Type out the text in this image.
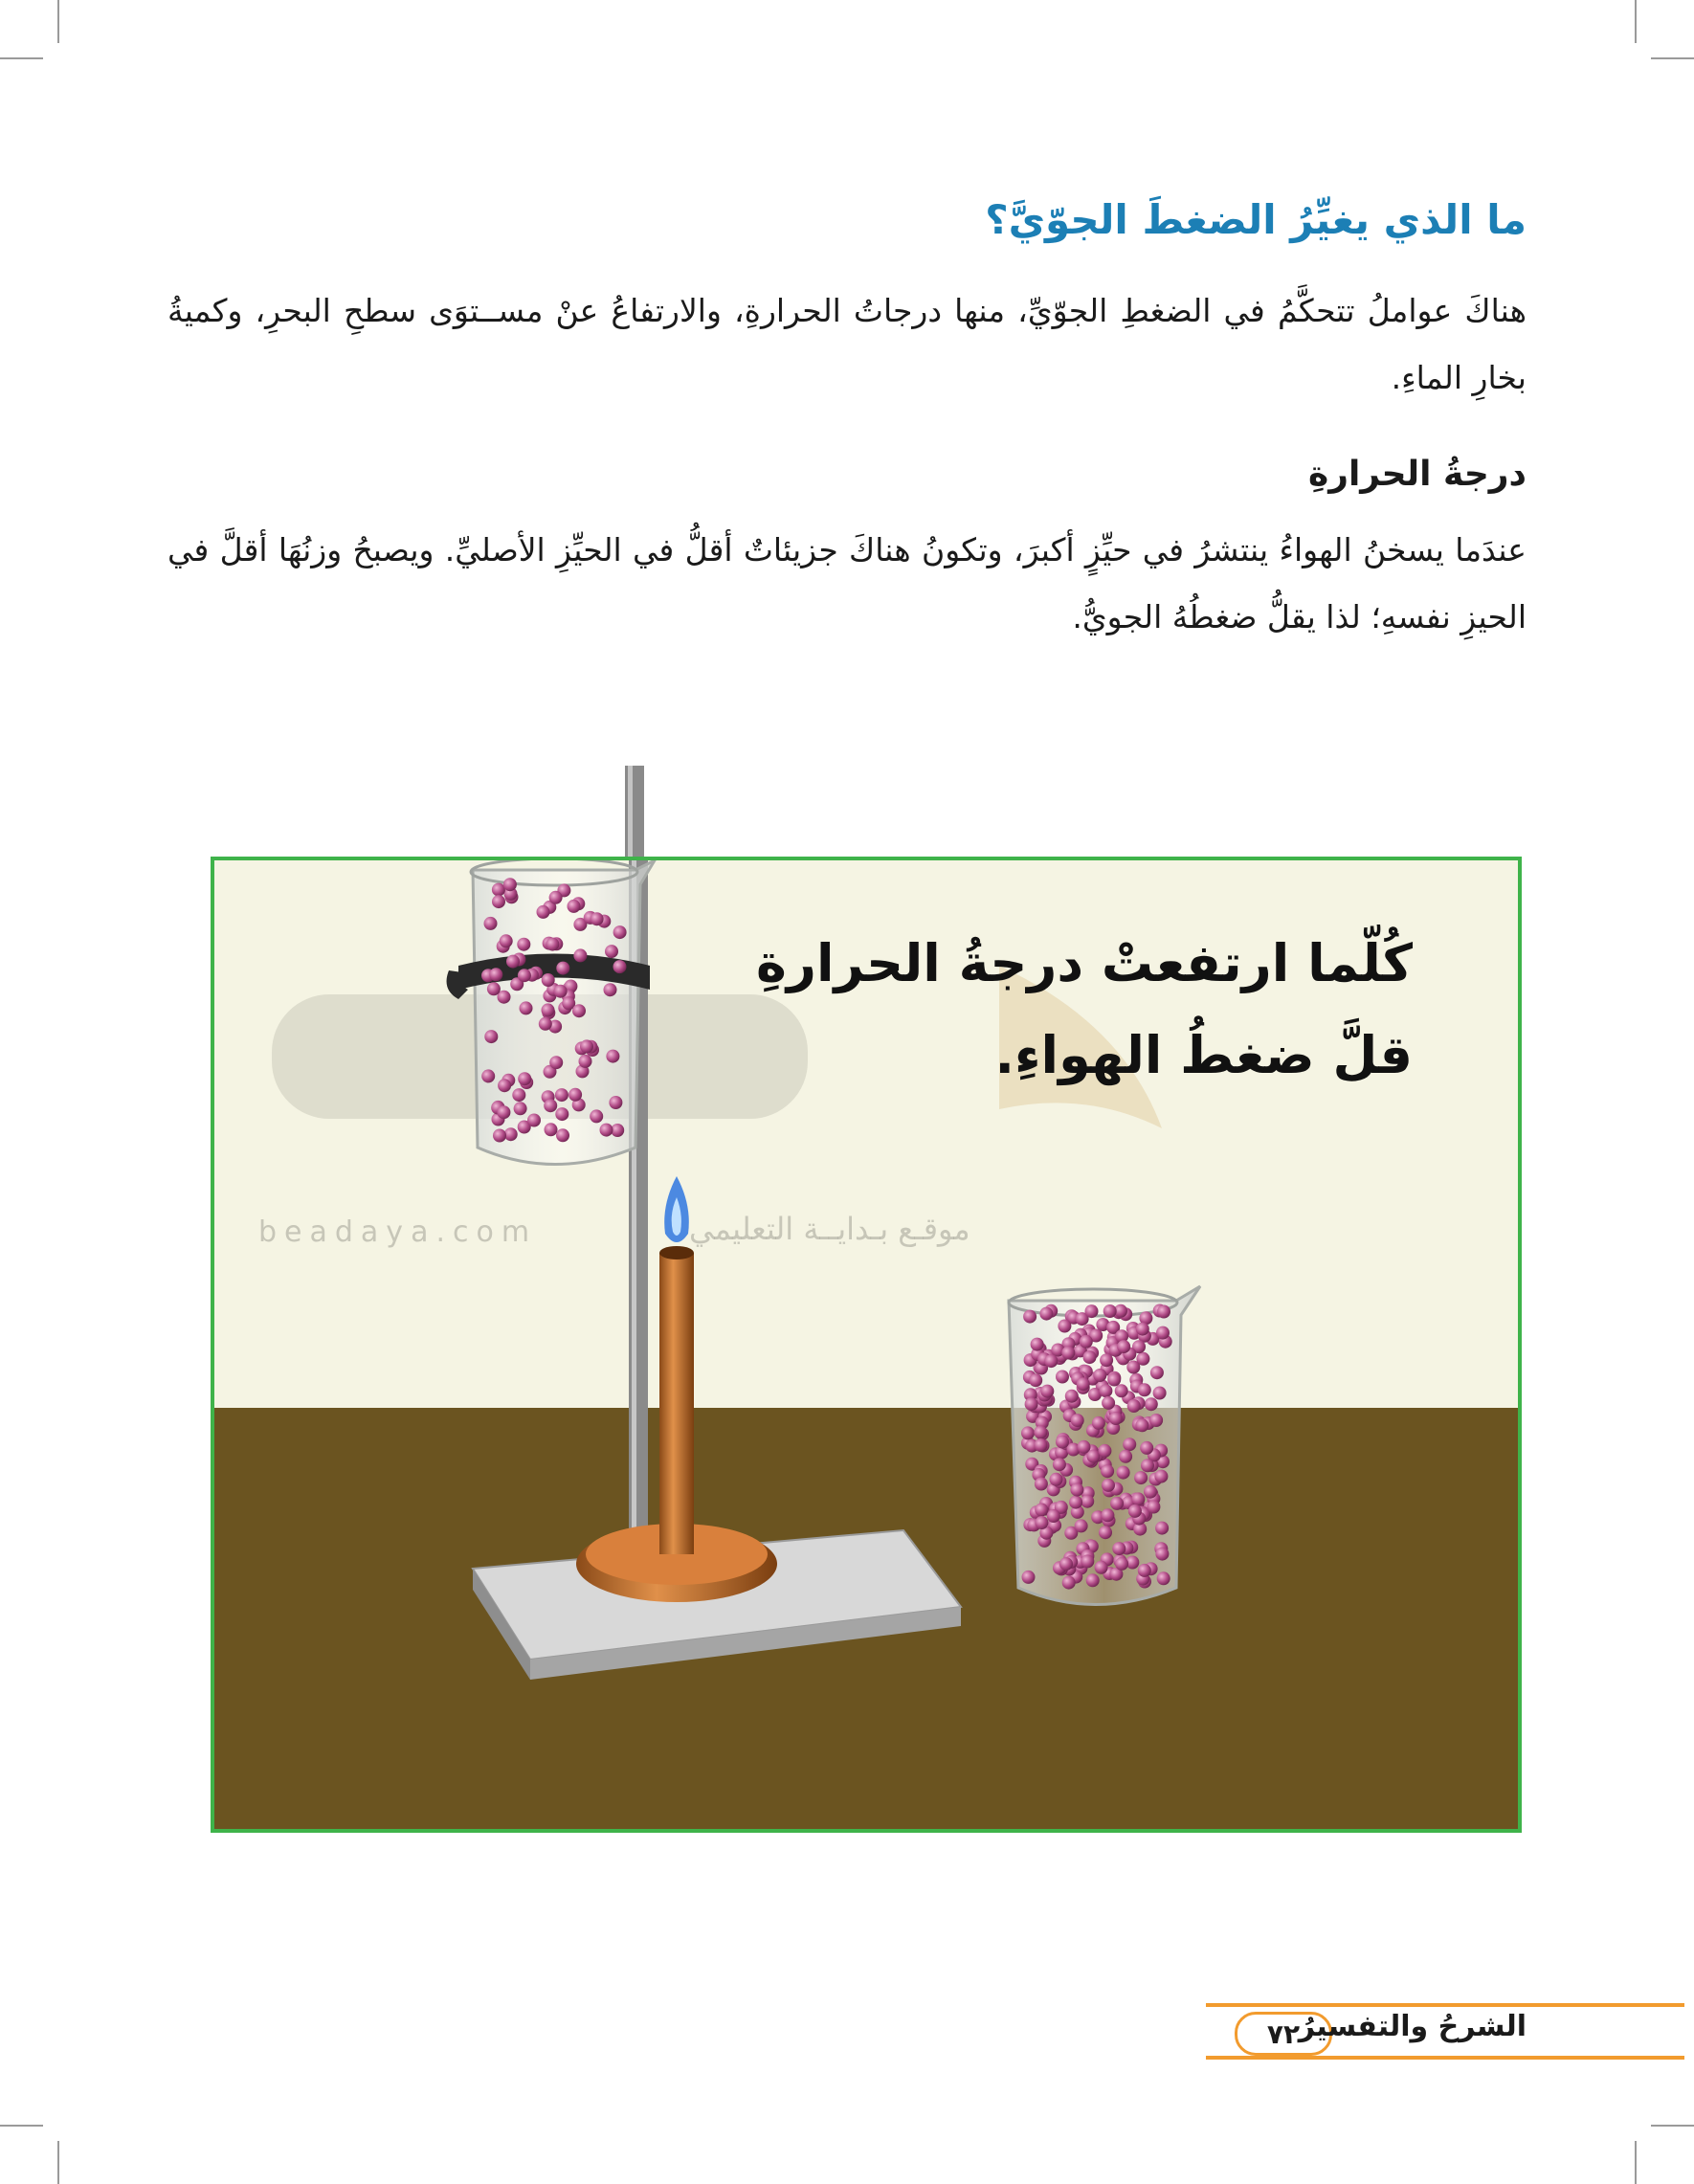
ما الذي يغيِّرُ الضغطَ الجوّيَّ؟

هناكَ عواملُ تتحكَّمُ في الضغطِ الجوّيِّ، منها درجاتُ الحرارةِ، والارتفاعُ عنْ مســتوَى سطحِ البحرِ، وكميةُ بخارِ الماءِ.

درجةُ الحرارةِ

عندَما يسخنُ الهواءُ ينتشرُ في حيِّزٍ أكبرَ، وتكونُ هناكَ جزيئاتٌ أقلُّ في الحيِّزِ الأصليِّ. ويصبحُ وزنُهَا أقلَّ في الحيزِ نفسهِ؛ لذا يقلُّ ضغطُهُ الجويُّ.

كُلّما ارتفعتْ درجةُ الحرارةِ
قلَّ ضغطُ الهواءِ.
beadaya.com	موقـع بـدايــة التعليمي
٧٢
الشرحُ والتفسيرُ
